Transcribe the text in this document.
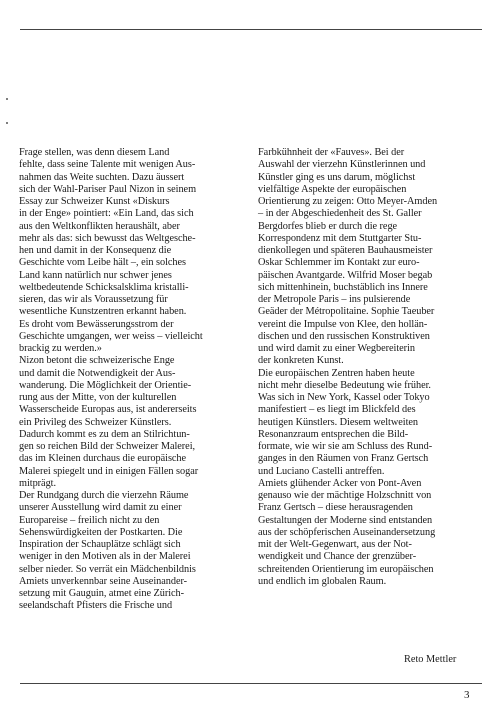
Frage stellen, was denn diesem Land
fehlte, dass seine Talente mit wenigen Aus-
nahmen das Weite suchten. Dazu äussert
sich der Wahl-Pariser Paul Nizon in seinem
Essay zur Schweizer Kunst «Diskurs
in der Enge» pointiert: «Ein Land, das sich
aus den Weltkonflikten heraushält, aber
mehr als das: sich bewusst das Weltgesche-
hen und damit in der Konsequenz die
Geschichte vom Leibe hält –, ein solches
Land kann natürlich nur schwer jenes
weltbedeutende Schicksalsklima kristalli-
sieren, das wir als Voraussetzung für
wesentliche Kunstzentren erkannt haben.
Es droht vom Bewässerungsstrom der
Geschichte umgangen, wer weiss – vielleicht
brackig zu werden.»
Nizon betont die schweizerische Enge
und damit die Notwendigkeit der Aus-
wanderung. Die Möglichkeit der Orientie-
rung aus der Mitte, von der kulturellen
Wasserscheide Europas aus, ist andererseits
ein Privileg des Schweizer Künstlers.
Dadurch kommt es zu dem an Stilrichtun-
gen so reichen Bild der Schweizer Malerei,
das im Kleinen durchaus die europäische
Malerei spiegelt und in einigen Fällen sogar
mitprägt.
Der Rundgang durch die vierzehn Räume
unserer Ausstellung wird damit zu einer
Europareise – freilich nicht zu den
Sehenswürdigkeiten der Postkarten. Die
Inspiration der Schauplätze schlägt sich
weniger in den Motiven als in der Malerei
selber nieder. So verrät ein Mädchenbildnis
Amiets unverkennbar seine Auseinander-
setzung mit Gauguin, atmet eine Zürich-
seelandschaft Pfisters die Frische und
Farbkühnheit der «Fauves». Bei der
Auswahl der vierzehn Künstlerinnen und
Künstler ging es uns darum, möglichst
vielfältige Aspekte der europäischen
Orientierung zu zeigen: Otto Meyer-Amden
– in der Abgeschiedenheit des St. Galler
Bergdorfes blieb er durch die rege
Korrespondenz mit dem Stuttgarter Stu-
dienkollegen und späteren Bauhausmeister
Oskar Schlemmer im Kontakt zur euro-
päischen Avantgarde. Wilfrid Moser begab
sich mittenhinein, buchstäblich ins Innere
der Metropole Paris – ins pulsierende
Geäder der Métropolitaine. Sophie Taeuber
vereint die Impulse von Klee, den hollän-
dischen und den russischen Konstruktiven
und wird damit zu einer Wegbereiterin
der konkreten Kunst.
Die europäischen Zentren haben heute
nicht mehr dieselbe Bedeutung wie früher.
Was sich in New York, Kassel oder Tokyo
manifestiert – es liegt im Blickfeld des
heutigen Künstlers. Diesem weltweiten
Resonanzraum entsprechen die Bild-
formate, wie wir sie am Schluss des Rund-
ganges in den Räumen von Franz Gertsch
und Luciano Castelli antreffen.
Amiets glühender Acker von Pont-Aven
genauso wie der mächtige Holzschnitt von
Franz Gertsch – diese herausragenden
Gestaltungen der Moderne sind entstanden
aus der schöpferischen Auseinandersetzung
mit der Welt-Gegenwart, aus der Not-
wendigkeit und Chance der grenzüber-
schreitenden Orientierung im europäischen
und endlich im globalen Raum.
Reto Mettler
3
